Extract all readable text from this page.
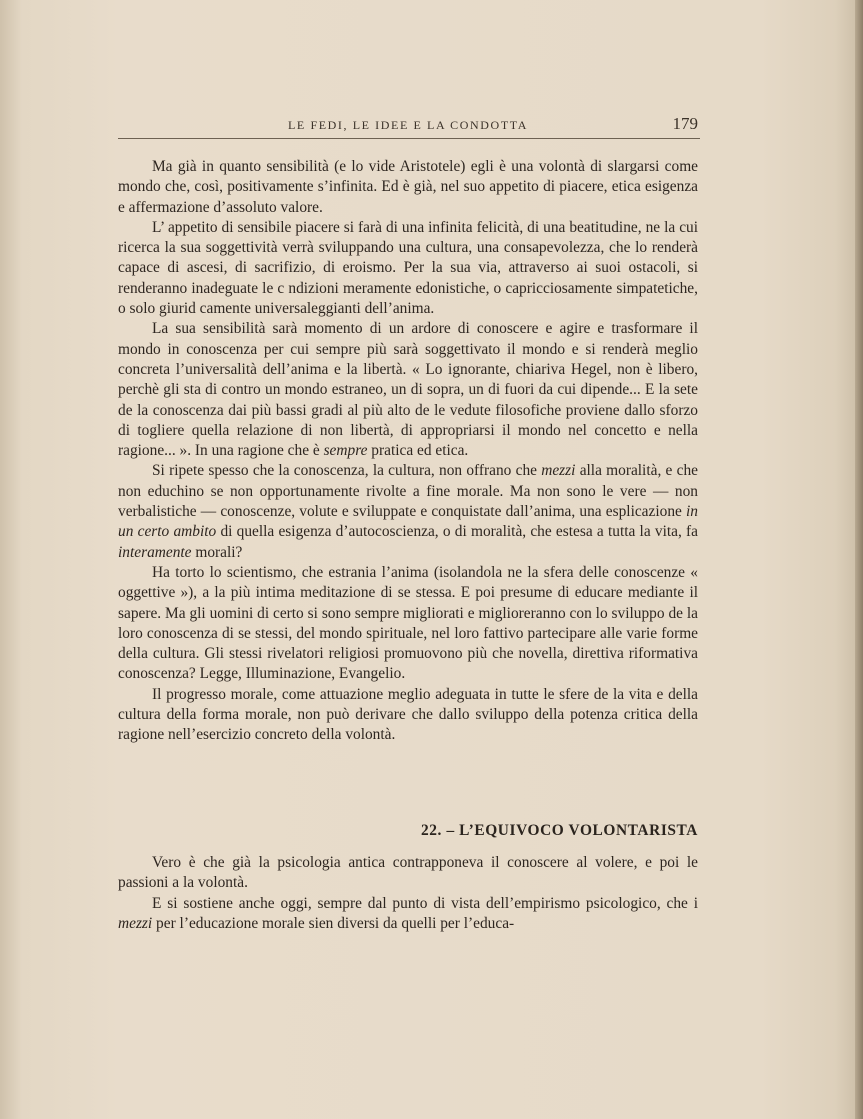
LE FEDI, LE IDEE E LA CONDOTTA	179

Ma già in quanto sensibilità (e lo vide Aristotele) egli è una volontà di slargarsi come mondo che, così, positivamente s’infinita. Ed è già, nel suo appetito di piacere, etica esigenza e affermazione d’assoluto valore.

L’ appetito di sensibile piacere si farà di una infinita felicità, di una beatitudine, ne la cui ricerca la sua soggettività verrà sviluppando una cultura, una consapevolezza, che lo renderà capace di ascesi, di sacrifizio, di eroismo. Per la sua via, attraverso ai suoi ostacoli, si renderanno inadeguate le c ndizioni meramente edonistiche, o capricciosamente simpatetiche, o solo giurid camente universaleggianti dell’anima.

La sua sensibilità sarà momento di un ardore di conoscere e agire e trasformare il mondo in conoscenza per cui sempre più sarà soggettivato il mondo e si renderà meglio concreta l’universalità dell’anima e la libertà. « Lo ignorante, chiariva Hegel, non è libero, perchè gli sta di contro un mondo estraneo, un di sopra, un di fuori da cui dipende... E la sete de la conoscenza dai più bassi gradi al più alto de le vedute filosofiche proviene dallo sforzo di togliere quella relazione di non libertà, di appropriarsi il mondo nel concetto e nella ragione... ». In una ragione che è sempre pratica ed etica.

Si ripete spesso che la conoscenza, la cultura, non offrano che mezzi alla moralità, e che non educhino se non opportunamente rivolte a fine morale. Ma non sono le vere — non verbalistiche — conoscenze, volute e sviluppate e conquistate dall’anima, una esplicazione in un certo ambito di quella esigenza d’autocoscienza, o di moralità, che estesa a tutta la vita, fa interamente morali?

Ha torto lo scientismo, che estrania l’anima (isolandola ne la sfera delle conoscenze « oggettive »), a la più intima meditazione di se stessa. E poi presume di educare mediante il sapere. Ma gli uomini di certo si sono sempre migliorati e miglioreranno con lo sviluppo de la loro conoscenza di se stessi, del mondo spirituale, nel loro fattivo partecipare alle varie forme della cultura. Gli stessi rivelatori religiosi promuovono più che novella, direttiva riformativa conoscenza? Legge, Illuminazione, Evangelio.

Il progresso morale, come attuazione meglio adeguata in tutte le sfere de la vita e della cultura della forma morale, non può derivare che dallo sviluppo della potenza critica della ragione nell’esercizio concreto della volontà.

22. – L’EQUIVOCO VOLONTARISTA

Vero è che già la psicologia antica contrapponeva il conoscere al volere, e poi le passioni a la volontà.

E si sostiene anche oggi, sempre dal punto di vista dell’empirismo psicologico, che i mezzi per l’educazione morale sien diversi da quelli per l’educa-
